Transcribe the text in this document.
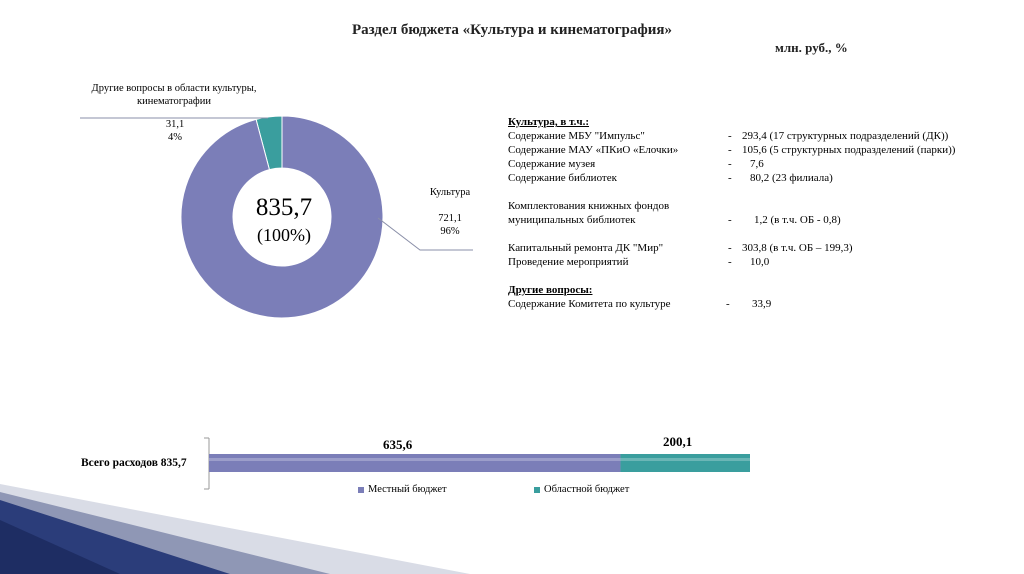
Раздел бюджета «Культура и кинематография»
млн. руб., %
Другие вопросы в области культуры, кинематографии
31,1
4%
Культура
721,1
96%
835,7
(100%)
Культура, в т.ч.:
Содержание МБУ "Импульс"	- 293,4 (17 структурных подразделений (ДК))
Содержание МАУ «ПКиО «Елочки»	- 105,6 (5 структурных подразделений (парки))
Содержание музея	- 7,6
Содержание библиотек	- 80,2 (23 филиала)
Комплектования книжных фондов
муниципальных библиотек	- 1,2 (в т.ч. ОБ - 0,8)
Капитальный ремонта ДК "Мир"	- 303,8 (в т.ч. ОБ – 199,3)
Проведение мероприятий	- 10,0
Другие вопросы:
Содержание Комитета по культуре	- 33,9
Всего расходов 835,7
635,6	200,1
Местный бюджет	Областной бюджет
